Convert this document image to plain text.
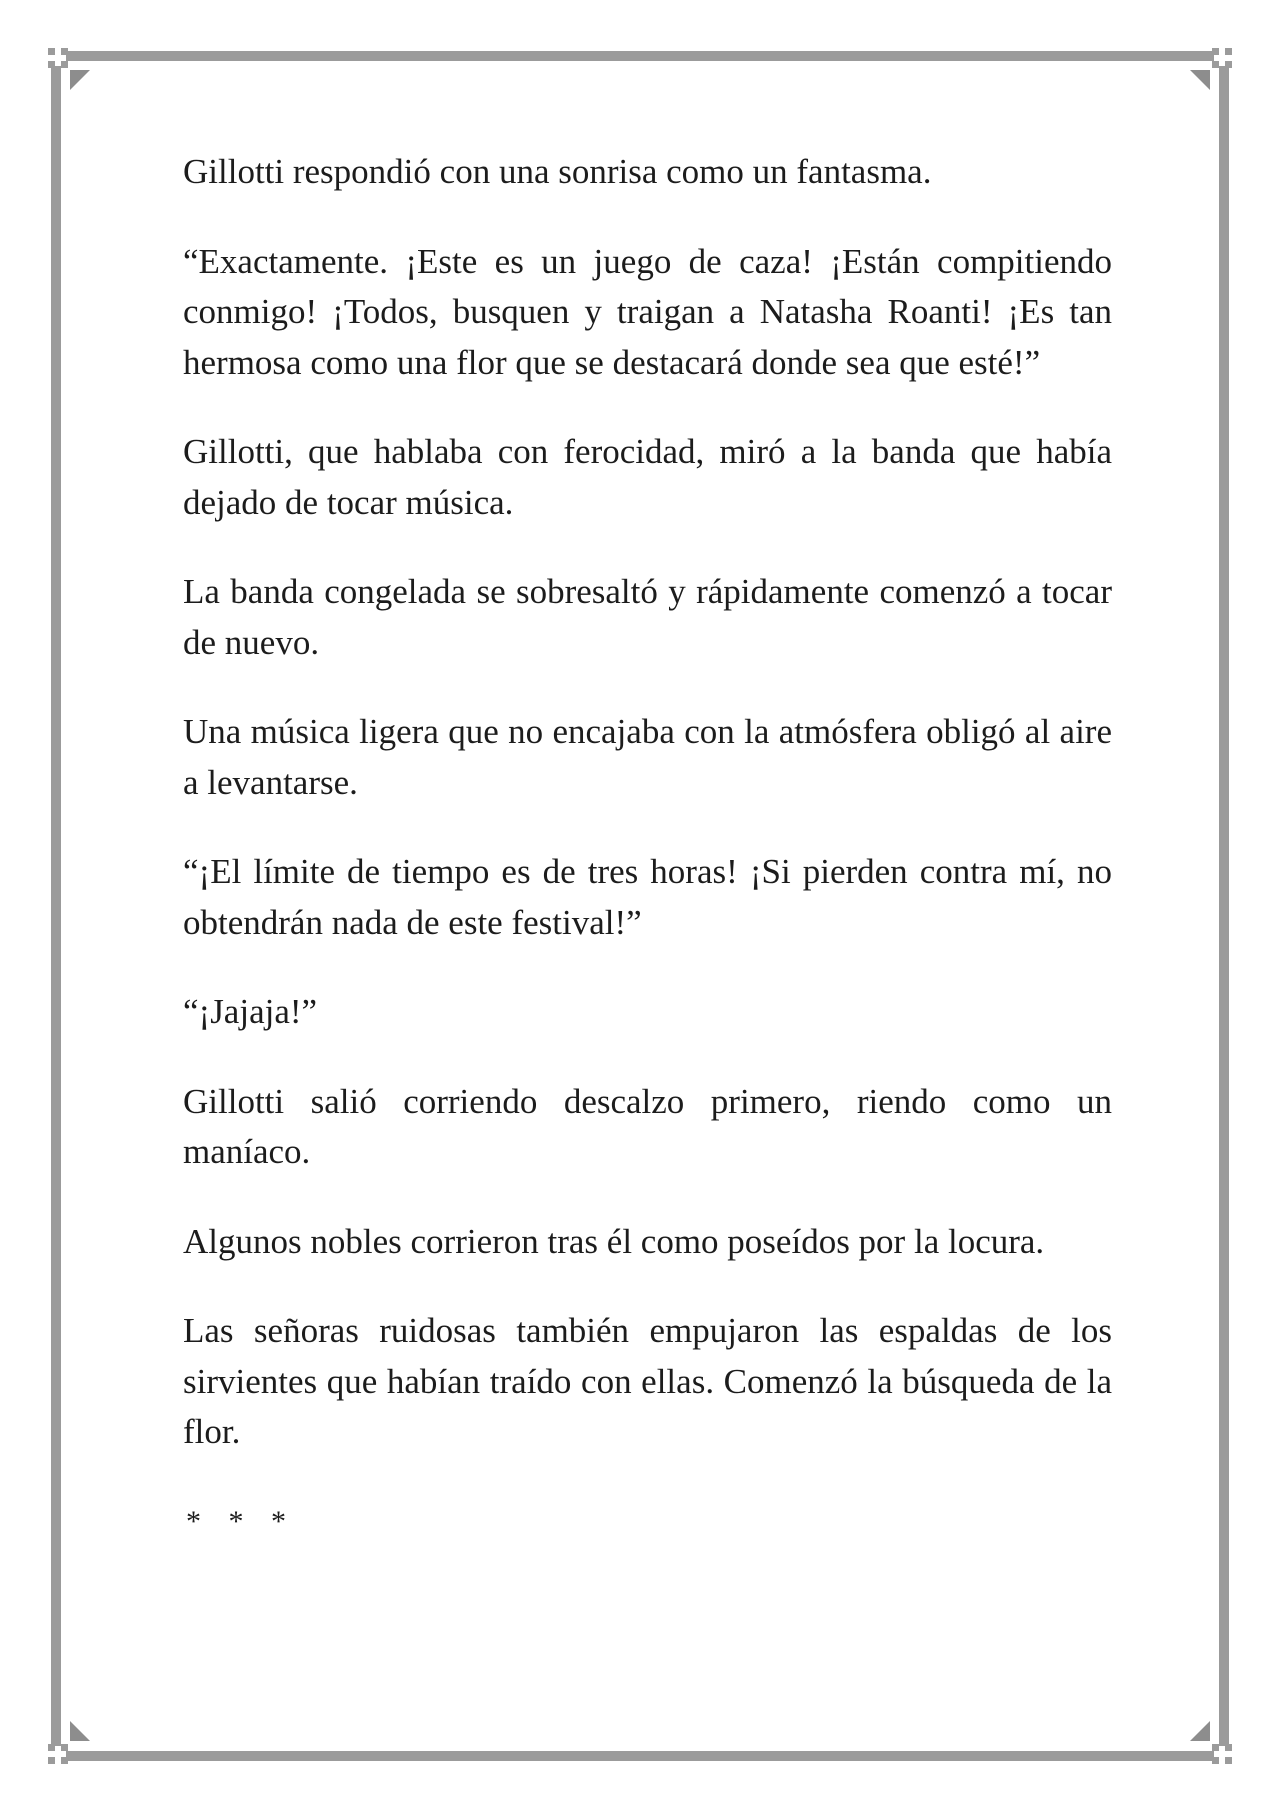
Gillotti respondió con una sonrisa como un fantasma.

“Exactamente. ¡Este es un juego de caza! ¡Están compitiendo conmigo! ¡Todos, busquen y traigan a Natasha Roanti! ¡Es tan hermosa como una flor que se destacará donde sea que esté!”

Gillotti, que hablaba con ferocidad, miró a la banda que había dejado de tocar música.

La banda congelada se sobresaltó y rápidamente comenzó a tocar de nuevo.

Una música ligera que no encajaba con la atmósfera obligó al aire a levantarse.

“¡El límite de tiempo es de tres horas! ¡Si pierden contra mí, no obtendrán nada de este festival!”

“¡Jajaja!”

Gillotti salió corriendo descalzo primero, riendo como un maníaco.

Algunos nobles corrieron tras él como poseídos por la locura.

Las señoras ruidosas también empujaron las espaldas de los sirvientes que habían traído con ellas. Comenzó la búsqueda de la flor.

* * *
